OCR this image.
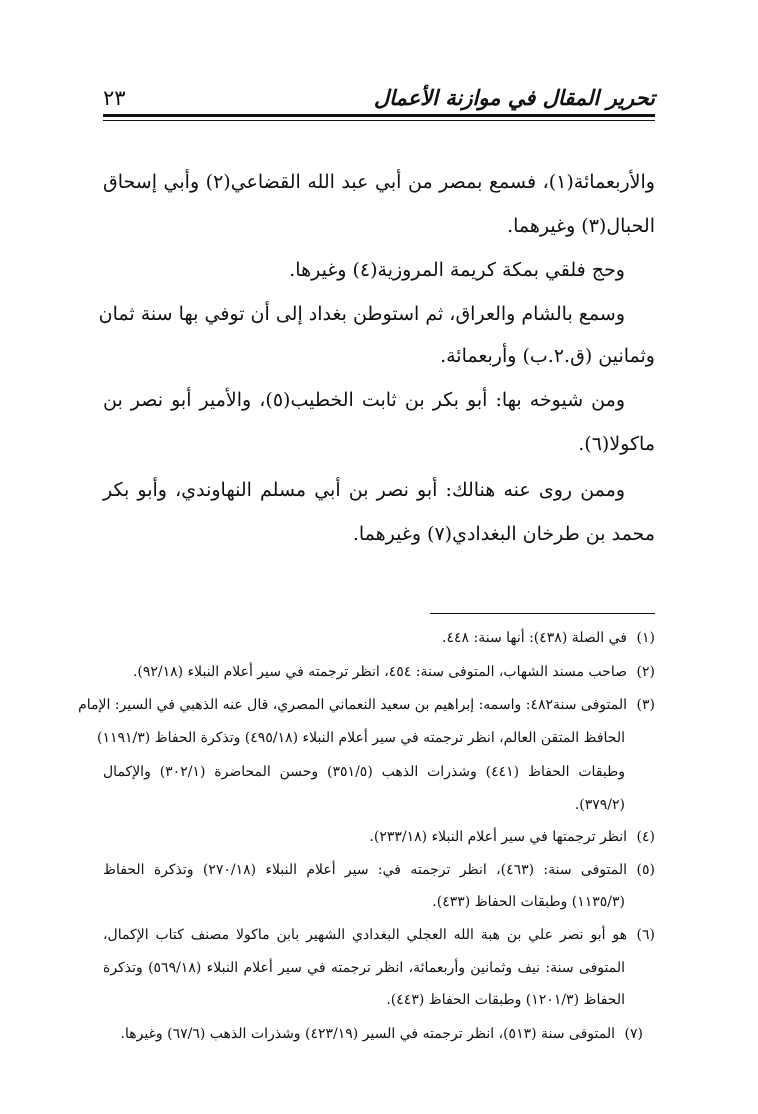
تحرير المقال في موازنة الأعمال
٢٣
والأربعمائة(١)، فسمع بمصر من أبي عبد الله القضاعي(٢) وأبي إسحاق
الحبال(٣) وغيرهما.
وحج فلقي بمكة كريمة المروزية(٤) وغيرها.
وسمع بالشام والعراق، ثم استوطن بغداد إلى أن توفي بها سنة ثمان
وثمانين (ق.٢.ب) وأربعمائة.
ومن شيوخه بها: أبو بكر بن ثابت الخطيب(٥)، والأمير أبو نصر بن
ماكولا(٦).
وممن روى عنه هنالك: أبو نصر بن أبي مسلم النهاوندي، وأبو بكر
محمد بن طرخان البغدادي(٧) وغيرهما.
(١)في الصلة (٤٣٨): أنها سنة: ٤٤٨.
(٢)صاحب مسند الشهاب، المتوفى سنة: ٤٥٤، انظر ترجمته في سير أعلام النبلاء (٩٢/١٨).
(٣)المتوفى سنة٤٨٢: واسمه: إبراهيم بن سعيد النعماني المصري، قال عنه الذهبي في السير: الإمام
الحافظ المتقن العالم، انظر ترجمته في سير أعلام النبلاء (٤٩٥/١٨) وتذكرة الحفاظ (١١٩١/٣)
وطبقات الحفاظ (٤٤١) وشذرات الذهب (٣٥١/٥) وحسن المحاضرة (٣٠٢/١) والإكمال
(٣٧٩/٢).
(٤)انظر ترجمتها في سير أعلام النبلاء (٢٣٣/١٨).
(٥)المتوفى سنة: (٤٦٣)، انظر ترجمته في: سير أعلام النبلاء (٢٧٠/١٨) وتذكرة الحفاظ
(١١٣٥/٣) وطبقات الحفاظ (٤٣٣).
(٦)هو أبو نصر علي بن هبة الله العجلي البغدادي الشهير بابن ماكولا مصنف كتاب الإكمال،
المتوفى سنة: نيف وثمانين وأربعمائة، انظر ترجمته في سير أعلام النبلاء (٥٦٩/١٨) وتذكرة
الحفاظ (١٢٠١/٣) وطبقات الحفاظ (٤٤٣).
(٧)المتوفى سنة (٥١٣)، انظر ترجمته في السير (٤٢٣/١٩) وشذرات الذهب (٦٧/٦) وغيرها.
